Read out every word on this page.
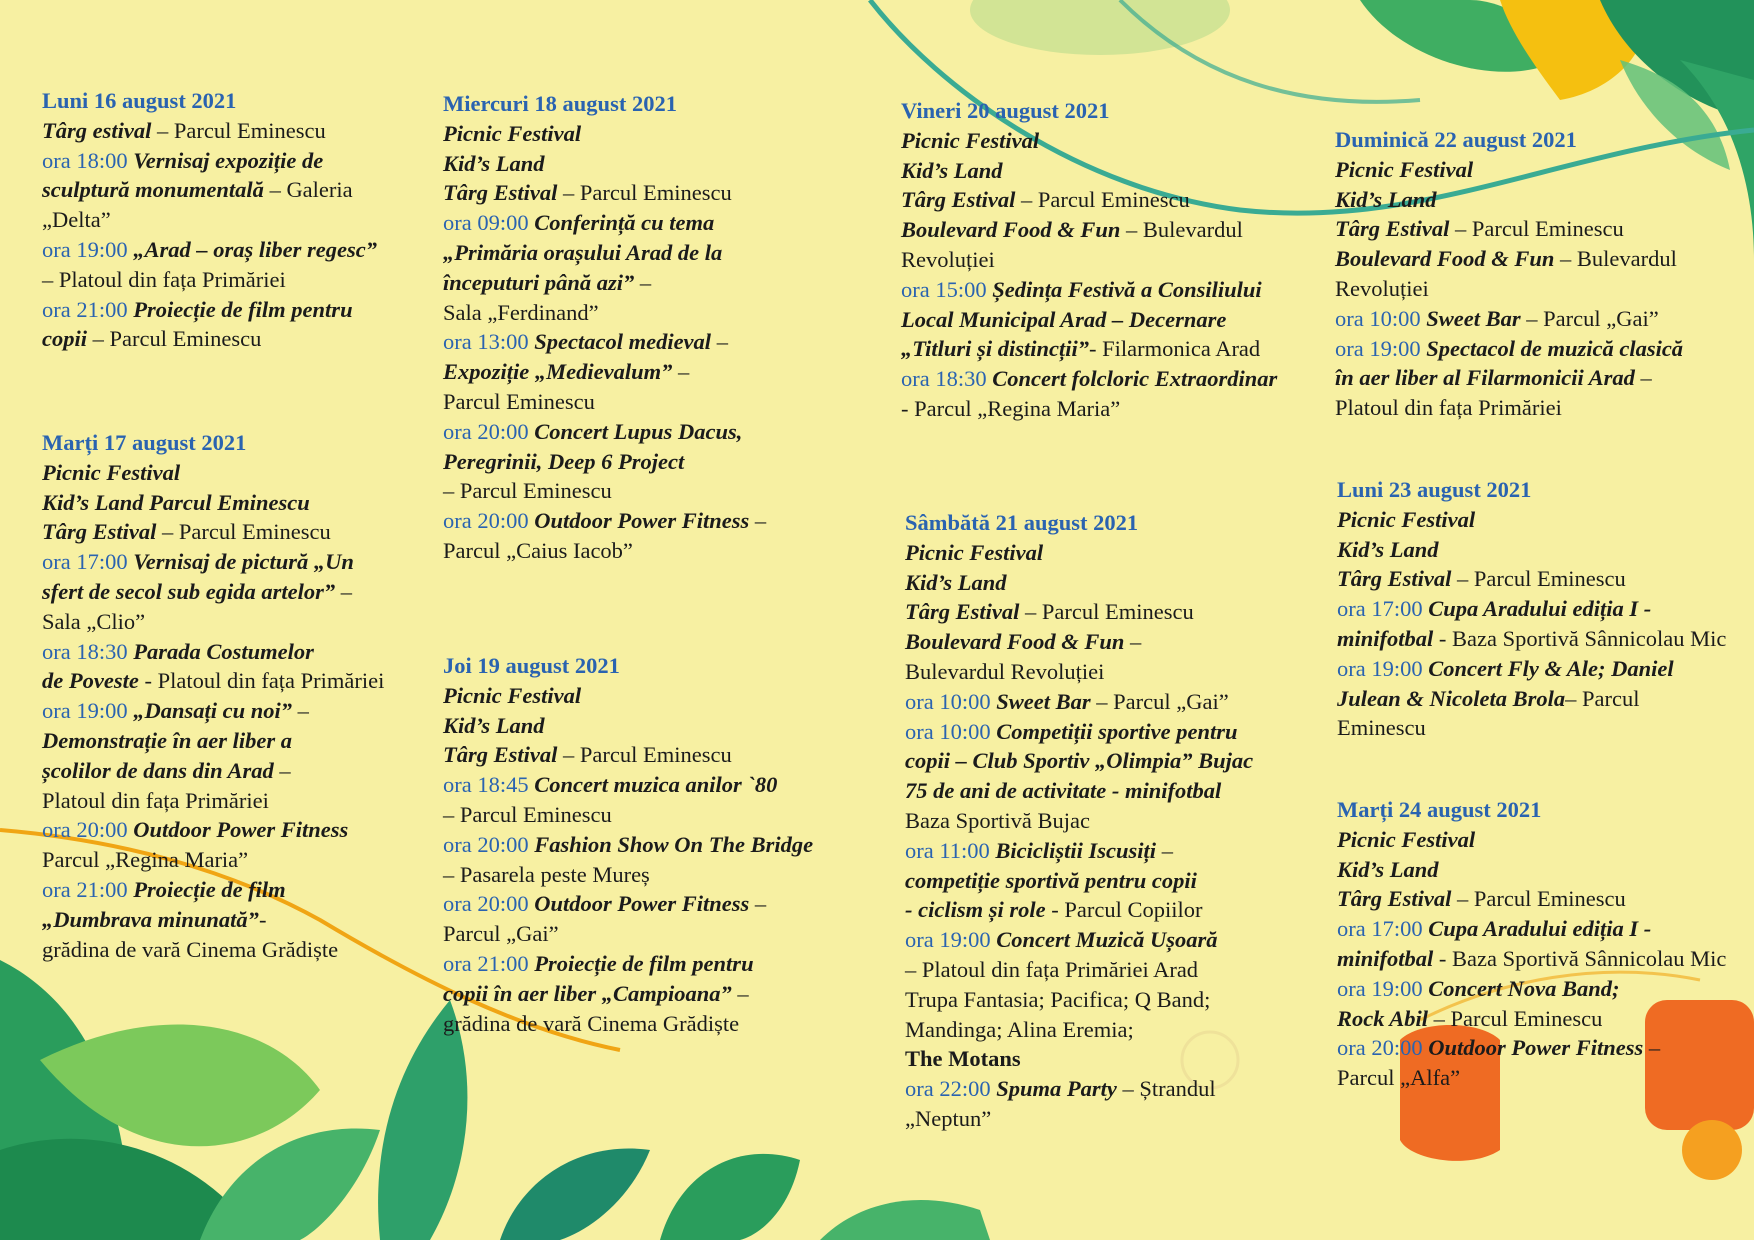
Luni 16 august 2021
Târg estival – Parcul Eminescu
ora 18:00 Vernisaj expoziție de
sculptură monumentală – Galeria
„Delta”
ora 19:00 „Arad – oraș liber regesc”
– Platoul din fața Primăriei
ora 21:00 Proiecție de film pentru
copii – Parcul Eminescu
Marți 17 august 2021
Picnic Festival
Kid’s Land Parcul Eminescu
Târg Estival – Parcul Eminescu
ora 17:00 Vernisaj de pictură „Un
sfert de secol sub egida artelor” –
Sala „Clio”
ora 18:30 Parada Costumelor
de Poveste - Platoul din fața Primăriei
ora 19:00 „Dansați cu noi” –
Demonstrație în aer liber a
școlilor de dans din Arad –
Platoul din fața Primăriei
ora 20:00 Outdoor Power Fitness
Parcul „Regina Maria”
ora 21:00 Proiecție de film
„Dumbrava minunată”-
grădina de vară Cinema Grădiște
Miercuri 18 august 2021
Picnic Festival
Kid’s Land
Târg Estival – Parcul Eminescu
ora 09:00 Conferință cu tema
„Primăria orașului Arad de la
începuturi până azi” –
Sala „Ferdinand”
ora 13:00 Spectacol medieval –
Expoziție „Medievalum” –
Parcul Eminescu
ora 20:00 Concert Lupus Dacus,
Peregrinii, Deep 6 Project
– Parcul Eminescu
ora 20:00 Outdoor Power Fitness –
Parcul „Caius Iacob”
Joi 19 august 2021
Picnic Festival
Kid’s Land
Târg Estival – Parcul Eminescu
ora 18:45 Concert muzica anilor `80
– Parcul Eminescu
ora 20:00 Fashion Show On The Bridge
– Pasarela peste Mureș
ora 20:00 Outdoor Power Fitness –
Parcul „Gai”
ora 21:00 Proiecție de film pentru
copii în aer liber „Campioana” –
grădina de vară Cinema Grădiște
Vineri 20 august 2021
Picnic Festival
Kid’s Land
Târg Estival – Parcul Eminescu
Boulevard Food & Fun – Bulevardul
Revoluției
ora 15:00 Ședința Festivă a Consiliului
Local Municipal Arad – Decernare
„Titluri și distincții”- Filarmonica Arad
ora 18:30 Concert folcloric Extraordinar
- Parcul „Regina Maria”
Sâmbătă 21 august 2021
Picnic Festival
Kid’s Land
Târg Estival – Parcul Eminescu
Boulevard Food & Fun –
Bulevardul Revoluției
ora 10:00 Sweet Bar – Parcul „Gai”
ora 10:00 Competiții sportive pentru
copii – Club Sportiv „Olimpia” Bujac
75 de ani de activitate - minifotbal
Baza Sportivă Bujac
ora 11:00 Bicicliștii Iscusiți –
competiție sportivă pentru copii
- ciclism și role - Parcul Copiilor
ora 19:00 Concert Muzică Ușoară
– Platoul din fața Primăriei Arad
Trupa Fantasia; Pacifica; Q Band;
Mandinga; Alina Eremia;
The Motans
ora 22:00 Spuma Party – Ștrandul
„Neptun”
Duminică 22 august 2021
Picnic Festival
Kid’s Land
Târg Estival – Parcul Eminescu
Boulevard Food & Fun – Bulevardul
Revoluției
ora 10:00 Sweet Bar – Parcul „Gai”
ora 19:00 Spectacol de muzică clasică
în aer liber al Filarmonicii Arad –
Platoul din fața Primăriei
Luni 23 august 2021
Picnic Festival
Kid’s Land
Târg Estival – Parcul Eminescu
ora 17:00 Cupa Aradului ediția I -
minifotbal - Baza Sportivă Sânnicolau Mic
ora 19:00 Concert Fly & Ale; Daniel
Julean & Nicoleta Brola– Parcul
Eminescu
Marți 24 august 2021
Picnic Festival
Kid’s Land
Târg Estival – Parcul Eminescu
ora 17:00 Cupa Aradului ediția I -
minifotbal - Baza Sportivă Sânnicolau Mic
ora 19:00 Concert Nova Band;
Rock Abil – Parcul Eminescu
ora 20:00 Outdoor Power Fitness –
Parcul „Alfa”
